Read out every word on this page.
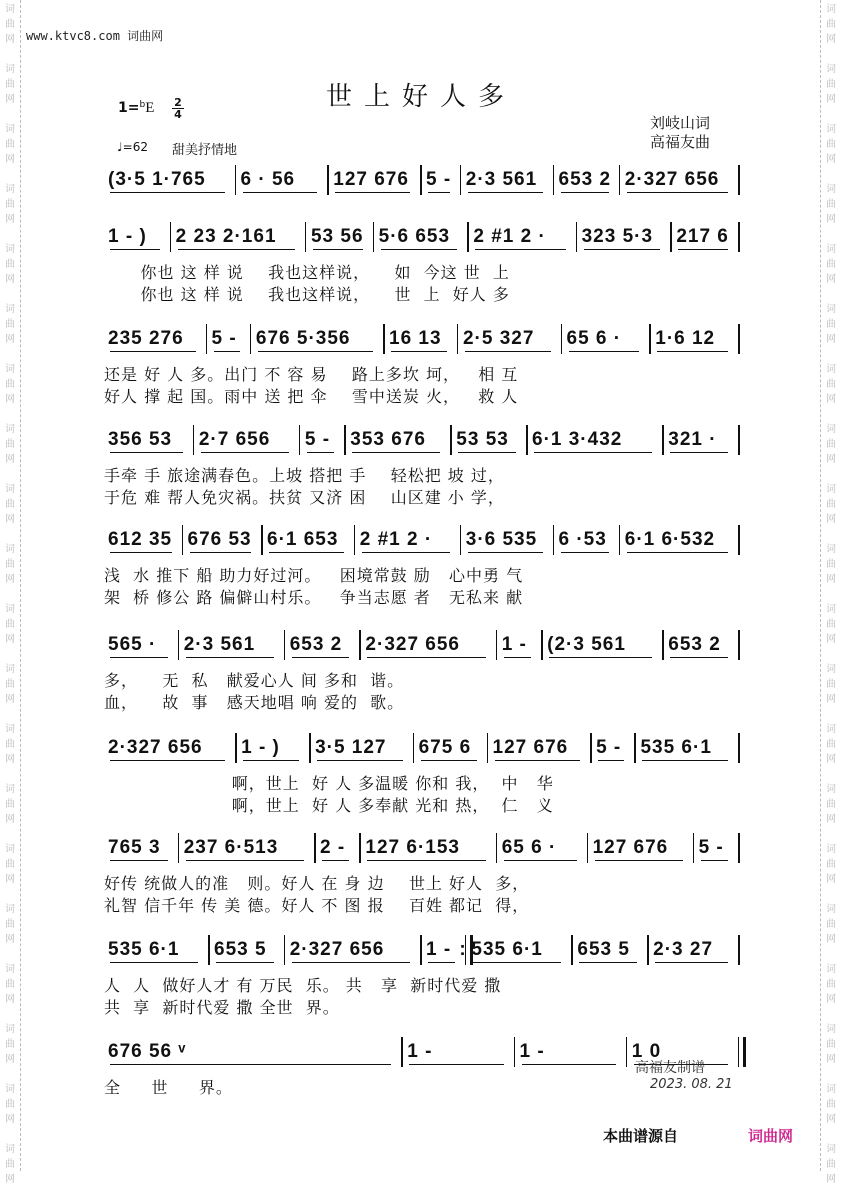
词
曲
网
词
曲
网
词
曲
网
词
曲
网
词
曲
网
词
曲
网
词
曲
网
词
曲
网
词
曲
网
词
曲
网
词
曲
网
词
曲
网
词
曲
网
词
曲
网
词
曲
网
词
曲
网
词
曲
网
词
曲
网
词
曲
网
词
曲
网
词
曲
网
词
曲
网
词
曲
网
词
曲
网
词
曲
网
词
曲
网
词
曲
网
词
曲
网
词
曲
网
词
曲
网
词
曲
网
词
曲
网
词
曲
网
词
曲
网
词
曲
网
词
曲
网
词
曲
网
词
曲
网
词
曲
网
词
曲
网
www.ktvc8.com 词曲网
世上好人多
$1=^bE \frac{2}{4}$
♩=62 甜美抒情地
刘岐山词
高福友曲
(3·5 1·765 6 · 56 127 676 5 - 2·3 561 653 2 2·327 656
1 - ) 2 23 2·161 53 56 5·6 653 2 #1 2 · 323 5·3 217 6
你也 这 样 说    我也这样说，    如  今这 世  上
你也 这 样 说    我也这样说，    世  上  好人 多
235 276 5 - 676 5·356 16 13 2·5 327 65 6 · 1·6 12
还是 好 人 多。出门 不 容 易    路上多坎 坷，   相 互
好人 撑 起 国。雨中 送 把 伞    雪中送炭 火，   救 人
356 53 2·7 656 5 - 353 676 53 53 6·1 3·432 321 ·
手牵 手 旅途满春色。上坡 搭把 手    轻松把 坡 过，
于危 难 帮人免灾祸。扶贫 又济 困    山区建 小 学，
612 35 676 53 6·1 653 2 #1 2 · 3·6 535 6 ·53 6·1 6·532
浅  水 推下 船 助力好过河。   困境常鼓 励   心中勇 气
架  桥 修公 路 偏僻山村乐。   争当志愿 者   无私来 献
565 · 2·3 561 653 2 2·327 656 1 - (2·3 561 653 2
多，    无  私   献爱心人 间 多和  谐。
血，    故  事   感天地唱 响 爱的  歌。
2·327 656 1 - ) 3·5 127 675 6 127 676 5 - 535 6·1
啊，世上  好 人 多温暖 你和 我，  中   华
啊，世上  好 人 多奉献 光和 热，  仁   义
765 3 237 6·513 2 - 127 6·153 65 6 · 127 676 5 -
好传 统做人的准   则。好人 在 身 边    世上 好人  多，
礼智 信千年 传 美 德。好人 不 图 报    百姓 都记  得，
535 6·1 653 5 2·327 656 1 - : 535 6·1 653 5 2·3 27
人  人  做好人才 有 万民  乐。 共   享  新时代爱 撒
共  享  新时代爱 撒 全世  界。
676 56 ᵛ	1 -	1 -	1 0
全     世     界。
高福友制谱
2023. 08. 21
本曲谱源自	词曲网
